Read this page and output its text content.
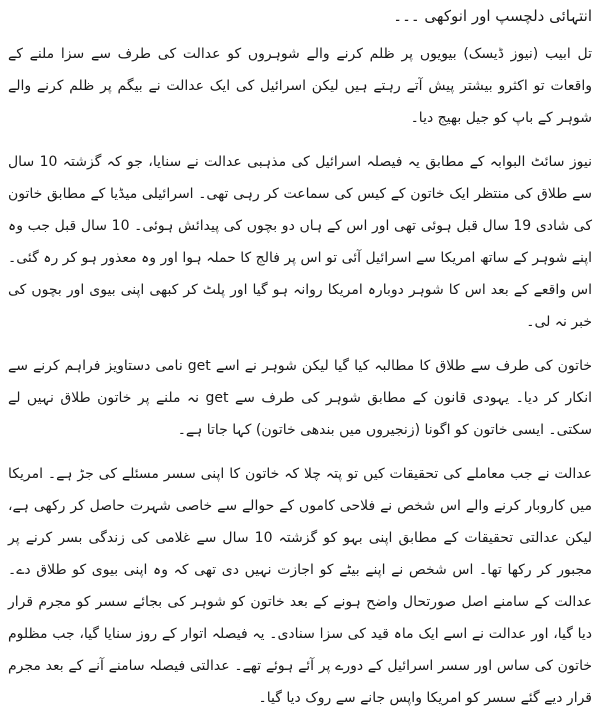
انتہائی دلچسپ اور انوکھی ۔۔۔

تل ابیب (نیوز ڈیسک) بیویوں پر ظلم کرنے والے شوہروں کو عدالت کی طرف سے سزا ملنے کے واقعات تو اکثرو بیشتر پیش آتے رہتے ہیں لیکن اسرائیل کی ایک عدالت نے بیگم پر ظلم کرنے والے شوہر کے باپ کو جیل بھیج دیا۔

نیوز سائٹ البوابہ کے مطابق یہ فیصلہ اسرائیل کی مذہبی عدالت نے سنایا، جو کہ گزشتہ 10 سال سے طلاق کی منتظر ایک خاتون کے کیس کی سماعت کر رہی تھی۔ اسرائیلی میڈیا کے مطابق خاتون کی شادی 19 سال قبل ہوئی تھی اور اس کے ہاں دو بچوں کی پیدائش ہوئی۔ 10 سال قبل جب وہ اپنے شوہر کے ساتھ امریکا سے اسرائیل آئی تو اس پر فالج کا حملہ ہوا اور وہ معذور ہو کر رہ گئی۔ اس واقعے کے بعد اس کا شوہر دوبارہ امریکا روانہ ہو گیا اور پلٹ کر کبھی اپنی بیوی اور بچوں کی خبر نہ لی۔

خاتون کی طرف سے طلاق کا مطالبہ کیا گیا لیکن شوہر نے اسے get نامی دستاویز فراہم کرنے سے انکار کر دیا۔ یہودی قانون کے مطابق شوہر کی طرف سے get نہ ملنے پر خاتون طلاق نہیں لے سکتی۔ ایسی خاتون کو اگونا (زنجیروں میں بندھی خاتون) کہا جاتا ہے۔

عدالت نے جب معاملے کی تحقیقات کیں تو پتہ چلا کہ خاتون کا اپنی سسر مسئلے کی جڑ ہے۔ امریکا میں کاروبار کرنے والے اس شخص نے فلاحی کاموں کے حوالے سے خاصی شہرت حاصل کر رکھی ہے، لیکن عدالتی تحقیقات کے مطابق اپنی بہو کو گزشتہ 10 سال سے غلامی کی زندگی بسر کرنے پر مجبور کر رکھا تھا۔ اس شخص نے اپنے بیٹے کو اجازت نہیں دی تھی کہ وہ اپنی بیوی کو طلاق دے۔ عدالت کے سامنے اصل صورتحال واضح ہونے کے بعد خاتون کو شوہر کی بجائے سسر کو مجرم قرار دیا گیا، اور عدالت نے اسے ایک ماہ قید کی سزا سنادی۔ یہ فیصلہ اتوار کے روز سنایا گیا، جب مظلوم خاتون کی ساس اور سسر اسرائیل کے دورے پر آئے ہوئے تھے۔ عدالتی فیصلہ سامنے آنے کے بعد مجرم قرار دیے گئے سسر کو امریکا واپس جانے سے روک دیا گیا۔
